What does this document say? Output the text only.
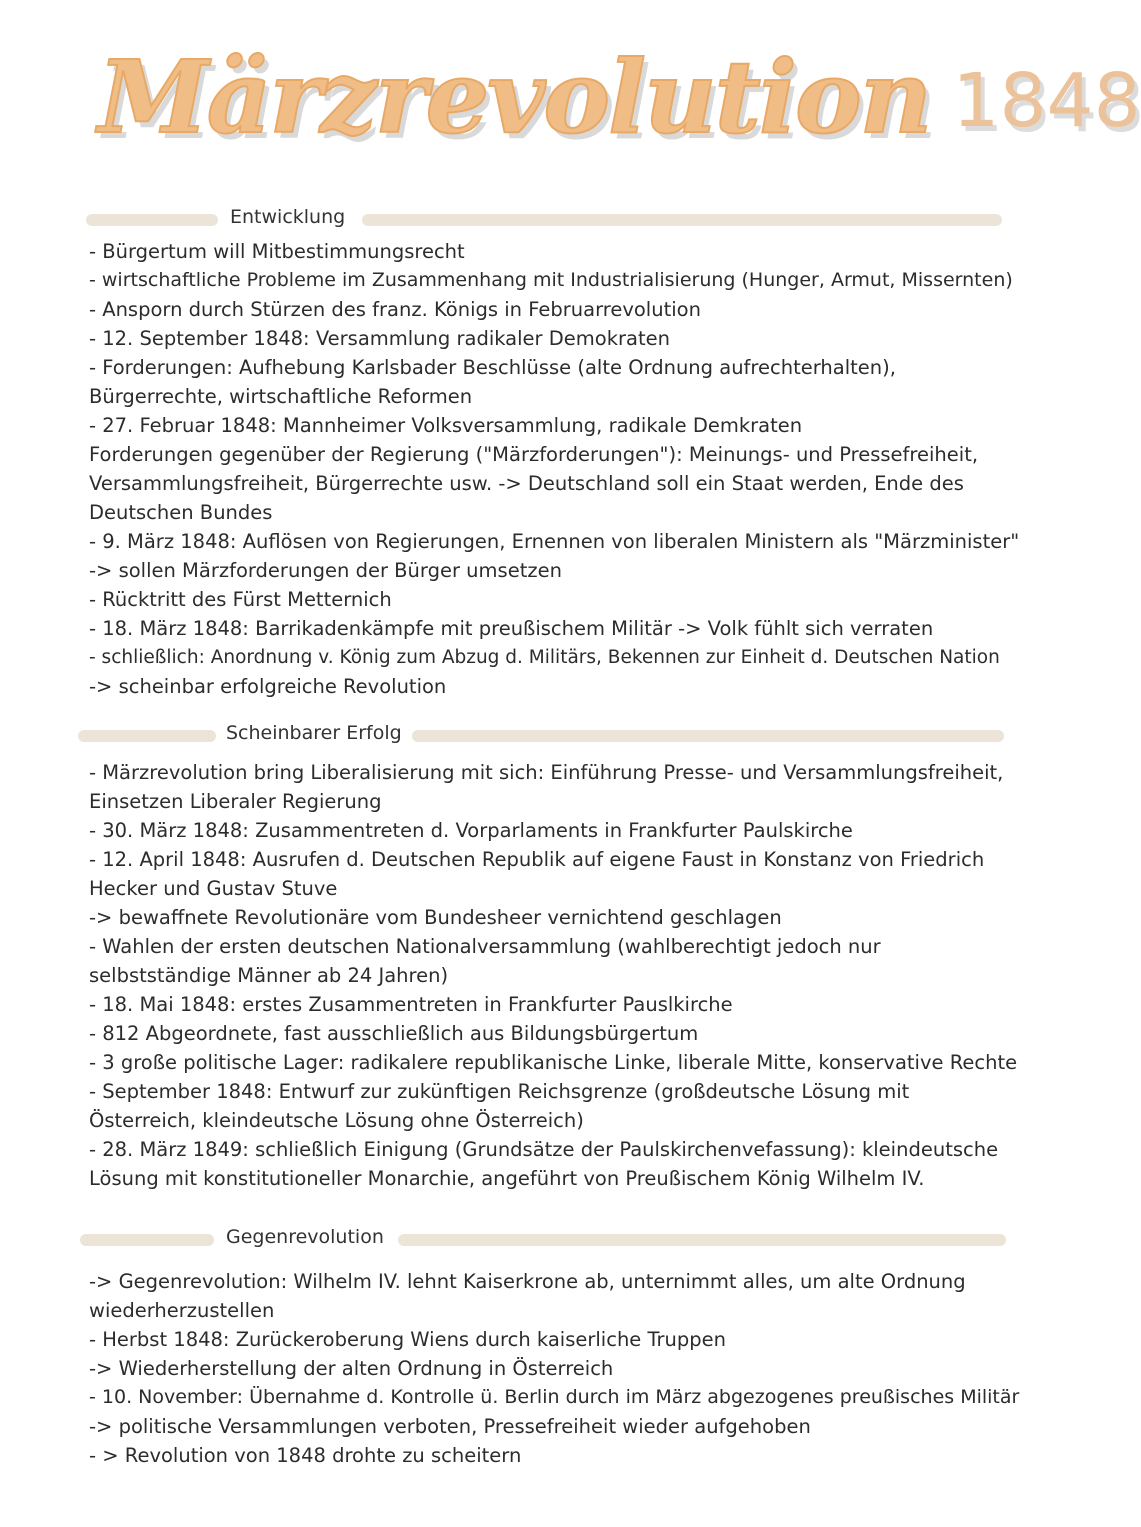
Märzrevolution 1848
Entwicklung
- Bürgertum will Mitbestimmungsrecht
- wirtschaftliche Probleme im Zusammenhang mit Industrialisierung (Hunger, Armut, Missernten)
- Ansporn durch Stürzen des franz. Königs in Februarrevolution
- 12. September 1848: Versammlung radikaler Demokraten
- Forderungen: Aufhebung Karlsbader Beschlüsse (alte Ordnung aufrechterhalten),
Bürgerrechte, wirtschaftliche Reformen
- 27. Februar 1848: Mannheimer Volksversammlung, radikale Demkraten
Forderungen gegenüber der Regierung ("Märzforderungen"): Meinungs- und Pressefreiheit,
Versammlungsfreiheit, Bürgerrechte usw. -> Deutschland soll ein Staat werden, Ende des
Deutschen Bundes
- 9. März 1848: Auflösen von Regierungen, Ernennen von liberalen Ministern als "Märzminister"
-> sollen Märzforderungen der Bürger umsetzen
- Rücktritt des Fürst Metternich
- 18. März 1848: Barrikadenkämpfe mit preußischem Militär -> Volk fühlt sich verraten
- schließlich: Anordnung v. König zum Abzug d. Militärs, Bekennen zur Einheit d. Deutschen Nation
-> scheinbar erfolgreiche Revolution
Scheinbarer Erfolg
- Märzrevolution bring Liberalisierung mit sich: Einführung Presse- und Versammlungsfreiheit,
Einsetzen Liberaler Regierung
- 30. März 1848: Zusammentreten d. Vorparlaments in Frankfurter Paulskirche
- 12. April 1848: Ausrufen d. Deutschen Republik auf eigene Faust in Konstanz von Friedrich
Hecker und Gustav Stuve
-> bewaffnete Revolutionäre vom Bundesheer vernichtend geschlagen
- Wahlen der ersten deutschen Nationalversammlung (wahlberechtigt jedoch nur
selbstständige Männer ab 24 Jahren)
- 18. Mai 1848: erstes Zusammentreten in Frankfurter Pauslkirche
- 812 Abgeordnete, fast ausschließlich aus Bildungsbürgertum
- 3 große politische Lager: radikalere republikanische Linke, liberale Mitte, konservative Rechte
- September 1848: Entwurf zur zukünftigen Reichsgrenze (großdeutsche Lösung mit
Österreich, kleindeutsche Lösung ohne Österreich)
- 28. März 1849: schließlich Einigung (Grundsätze der Paulskirchenvefassung): kleindeutsche
Lösung mit konstitutioneller Monarchie, angeführt von Preußischem König Wilhelm IV.
Gegenrevolution
-> Gegenrevolution: Wilhelm IV. lehnt Kaiserkrone ab, unternimmt alles, um alte Ordnung
wiederherzustellen
- Herbst 1848: Zurückeroberung Wiens durch kaiserliche Truppen
-> Wiederherstellung der alten Ordnung in Österreich
- 10. November: Übernahme d. Kontrolle ü. Berlin durch im März abgezogenes preußisches Militär
-> politische Versammlungen verboten, Pressefreiheit wieder aufgehoben
- > Revolution von 1848 drohte zu scheitern
